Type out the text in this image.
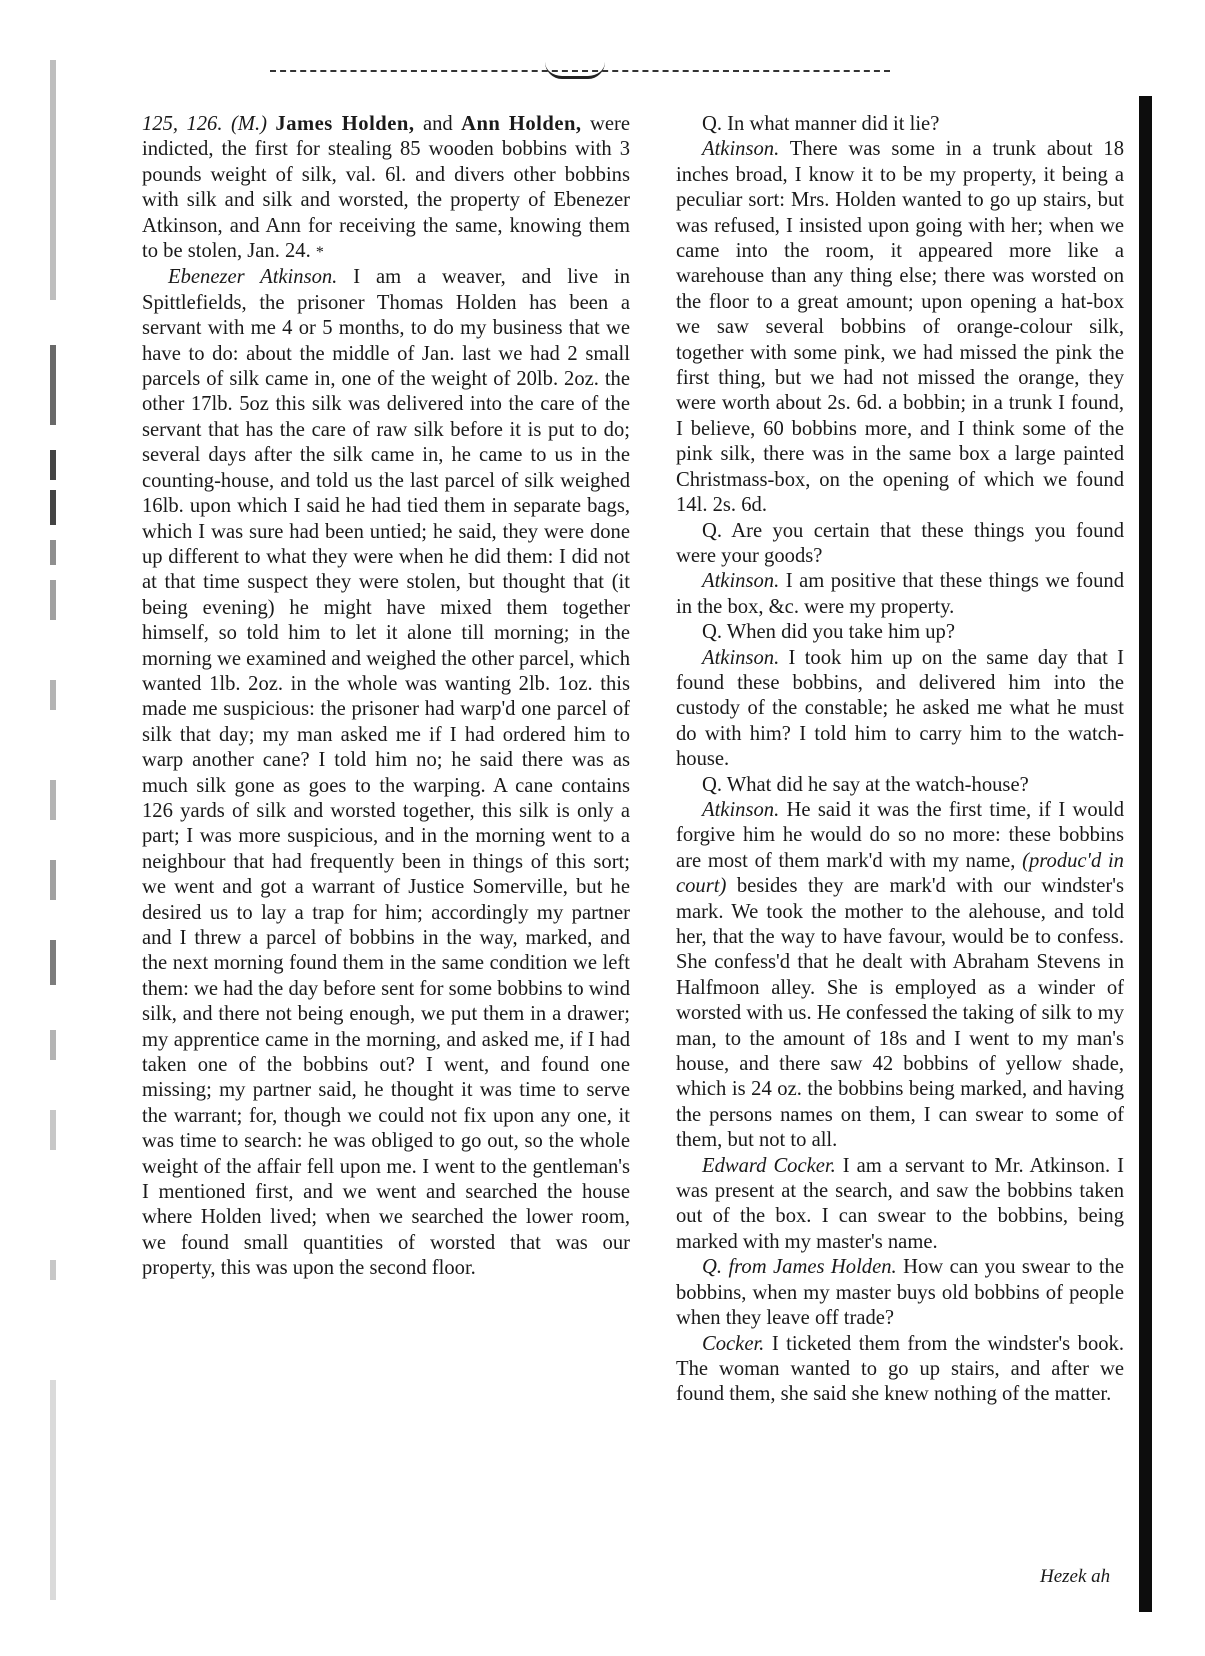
125, 126. (M.) James Holden, and Ann Holden, were indicted, the first for stealing 85 wooden bobbins with 3 pounds weight of silk, val. 6l. and divers other bobbins with silk and silk and worsted, the property of Ebenezer Atkinson, and Ann for receiving the same, knowing them to be stolen, Jan. 24. *

Ebenezer Atkinson. I am a weaver, and live in Spittlefields, the prisoner Thomas Holden has been a servant with me 4 or 5 months, to do my business that we have to do: about the middle of Jan. last we had 2 small parcels of silk came in, one of the weight of 20lb. 2oz. the other 17lb. 5oz this silk was delivered into the care of the servant that has the care of raw silk before it is put to do; several days after the silk came in, he came to us in the counting-house, and told us the last parcel of silk weighed 16lb. upon which I said he had tied them in separate bags, which I was sure had been untied; he said, they were done up different to what they were when he did them: I did not at that time suspect they were stolen, but thought that (it being evening) he might have mixed them together himself, so told him to let it alone till morning; in the morning we examined and weighed the other parcel, which wanted 1lb. 2oz. in the whole was wanting 2lb. 1oz. this made me suspicious: the prisoner had warp'd one parcel of silk that day; my man asked me if I had ordered him to warp another cane? I told him no; he said there was as much silk gone as goes to the warping. A cane contains 126 yards of silk and worsted together, this silk is only a part; I was more suspicious, and in the morning went to a neighbour that had frequently been in things of this sort; we went and got a warrant of Justice Somerville, but he desired us to lay a trap for him; accordingly my partner and I threw a parcel of bobbins in the way, marked, and the next morning found them in the same condition we left them: we had the day before sent for some bobbins to wind silk, and there not being enough, we put them in a drawer; my apprentice came in the morning, and asked me, if I had taken one of the bobbins out? I went, and found one missing; my partner said, he thought it was time to serve the warrant; for, though we could not fix upon any one, it was time to search: he was obliged to go out, so the whole weight of the affair fell upon me. I went to the gentleman's I mentioned first, and we went and searched the house where Holden lived; when we searched the lower room, we found small quantities of worsted that was our property, this was upon the second floor.

Q. In what manner did it lie?

Atkinson. There was some in a trunk about 18 inches broad, I know it to be my property, it being a peculiar sort: Mrs. Holden wanted to go up stairs, but was refused, I insisted upon going with her; when we came into the room, it appeared more like a warehouse than any thing else; there was worsted on the floor to a great amount; upon opening a hat-box we saw several bobbins of orange-colour silk, together with some pink, we had missed the pink the first thing, but we had not missed the orange, they were worth about 2s. 6d. a bobbin; in a trunk I found, I believe, 60 bobbins more, and I think some of the pink silk, there was in the same box a large painted Christmass-box, on the opening of which we found 14l. 2s. 6d.

Q. Are you certain that these things you found were your goods?

Atkinson. I am positive that these things we found in the box, &c. were my property.

Q. When did you take him up?

Atkinson. I took him up on the same day that I found these bobbins, and delivered him into the custody of the constable; he asked me what he must do with him? I told him to carry him to the watch-house.

Q. What did he say at the watch-house?

Atkinson. He said it was the first time, if I would forgive him he would do so no more: these bobbins are most of them mark'd with my name, (produc'd in court) besides they are mark'd with our windster's mark. We took the mother to the alehouse, and told her, that the way to have favour, would be to confess. She confess'd that he dealt with Abraham Stevens in Halfmoon alley. She is employed as a winder of worsted with us. He confessed the taking of silk to my man, to the amount of 18s and I went to my man's house, and there saw 42 bobbins of yellow shade, which is 24 oz. the bobbins being marked, and having the persons names on them, I can swear to some of them, but not to all.

Edward Cocker. I am a servant to Mr. Atkinson. I was present at the search, and saw the bobbins taken out of the box. I can swear to the bobbins, being marked with my master's name.

Q. from James Holden. How can you swear to the bobbins, when my master buys old bobbins of people when they leave off trade?

Cocker. I ticketed them from the windster's book. The woman wanted to go up stairs, and after we found them, she said she knew nothing of the matter.

Hezek ah
